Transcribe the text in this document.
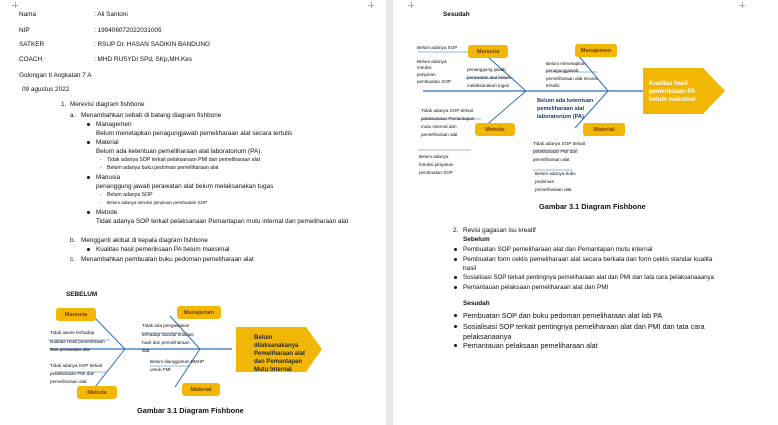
Nama	: Ali Santoni
NIP	: 199406072022031005
SATKER	: RSUP Dr. HASAN SADIKIN BANDUNG
COACH	: MHD RUSYDI SPd, SKp,MH.Kes
Golongan II Angkatan 7 A
09 agustus 2022
1. Merevisi diagram fishbone
a. Menambahkan sebab di batang diagram fishbone
Managemen
Belum menetapkan penagungjawab pemeliharaan alat secara tertulis
Material
Belum ada ketentuan pemeliharaan alat laboratorium (PA).
- Tidak adanya SOP terkait pelaksanaan PMI dan pemeliharaan alat
- Belum adanya buku pedoman pemeliharaan alat
Manusia
penanggung jawab perawatan alat belum melaksanakan tugas
- Belum adanya SOP
- Belum adanya intruksi pimpinan pembuatan SOP
Metode
Tidak adanya SOP terkait pelaksanaan Pemantapan mutu internal dan pemeliharaan alat
b. Mengganti akibat di kepala diagram fishbone
Kualitas hasil pemeriksaan PA belum maksimal
c. Menambahkan pembuatan buku pedoman pemeliharaan alat
SEBELUM
Manusia	Manajemen
Material
Metode
Belum dilaksanakanya Pemeliharaan alat dan Pemantapan Mutu Internal
Tidak aware terhadap
kualitas Hasil pemeriksaan
Dan perawatan alat
Tidak ada pengawasan
terhadap standar kualitas
hasil dan pemeliharaan
alat
Tidak adanya SOP terkait
pelaksanaan PMI dan
pemeliharaan alat
Belum dianggarkan BMHP
untuk PMI
Gambar 3.1 Diagram Fishbone
Sesudah
Manusia	Manajemen
Metode	Material
Kualitas hasil pemeriksaan PA belum maksimal
Belum adanya SOP
Belum adanya
intruksi
pimpinan
pembuatan SOP
penanggung jawab
perawatan alat belum
melaksanakan tugas
Belum menetapkan
penagungjawab
pemeliharaan alat secara
tertulis
Belum ada ketentuan
pemeliharaan alat
laboratorium (PA).
Tidak adanya SOP terkait
pelaksanaan Pemantapan
mutu internal dan
pemeliharaan alat
Belum adanya
intruksi pimpinan
pembuatan SOP
Tidak adanya SOP terkait
pelaksanaan PMI dan
pemeliharaan alat
Belum adanya buku
pedoman
pemeliharaan alat
Gambar 3.1 Diagram Fishbone
2. Revisi gagasan isu kreatif
Sebelum
Pembuatan SOP pemeliharaan alat dan Pemantapan mutu internal
Pembuatan form ceklis pemeliharaan alat secara berkala dan form ceklis standar kualita
hasil
Sosialisasi SOP terkait pentingnya pemeliharaan alat dan PMI dan tata cara pelaksanaaanya
Pemantauan pelaksaan pemeliharaan alat dan PMI
Sesudah
Pembuatan SOP dan buku pedoman pemeliharaan alat lab PA
Sosialisasi SOP terkait pentingnya pemeliharaan alat dan PMI dan tata cara
pelaksanaanya
Pemantauan pelaksaan pemeliharaan alat
